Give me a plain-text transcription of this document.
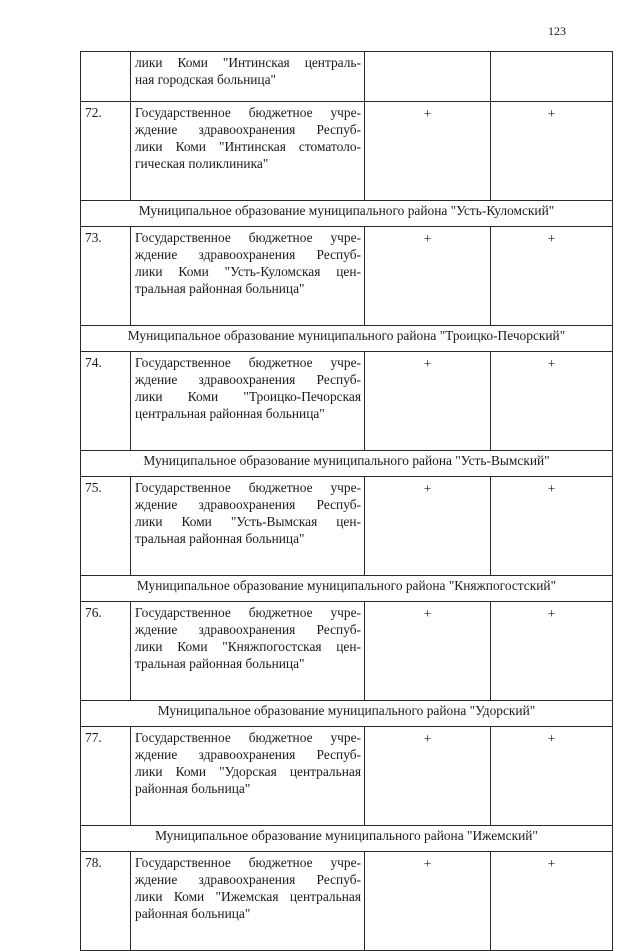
123

	лики Коми "Интинская централь-
ная городская больница"		

72.	Государственное бюджетное учре-
ждение здравоохранения Респуб-
лики Коми "Интинская стоматоло-
гическая поликлиника"	+	+
Муниципальное образование муниципального района "Усть-Куломский"			
73.	Государственное бюджетное учре-
ждение здравоохранения Респуб-
лики Коми "Усть-Куломская цен-
тральная районная больница"	+	+
Муниципальное образование муниципального района "Троицко-Печорский"			
74.	Государственное бюджетное учре-
ждение здравоохранения Респуб-
лики Коми "Троицко-Печорская
центральная районная больница"	+	+
Муниципальное образование муниципального района "Усть-Вымский"			
75.	Государственное бюджетное учре-
ждение здравоохранения Респуб-
лики Коми "Усть-Вымская цен-
тральная районная больница"	+	+
Муниципальное образование муниципального района "Княжпогостский"			
76.	Государственное бюджетное учре-
ждение здравоохранения Респуб-
лики Коми "Княжпогостская цен-
тральная районная больница"	+	+
Муниципальное образование муниципального района "Удорский"			
77.	Государственное бюджетное учре-
ждение здравоохранения Респуб-
лики Коми "Удорская центральная
районная больница"	+	+
Муниципальное образование муниципального района "Ижемский"			
78.	Государственное бюджетное учре-
ждение здравоохранения Респуб-
лики Коми "Ижемская центральная
районная больница"	+	+
